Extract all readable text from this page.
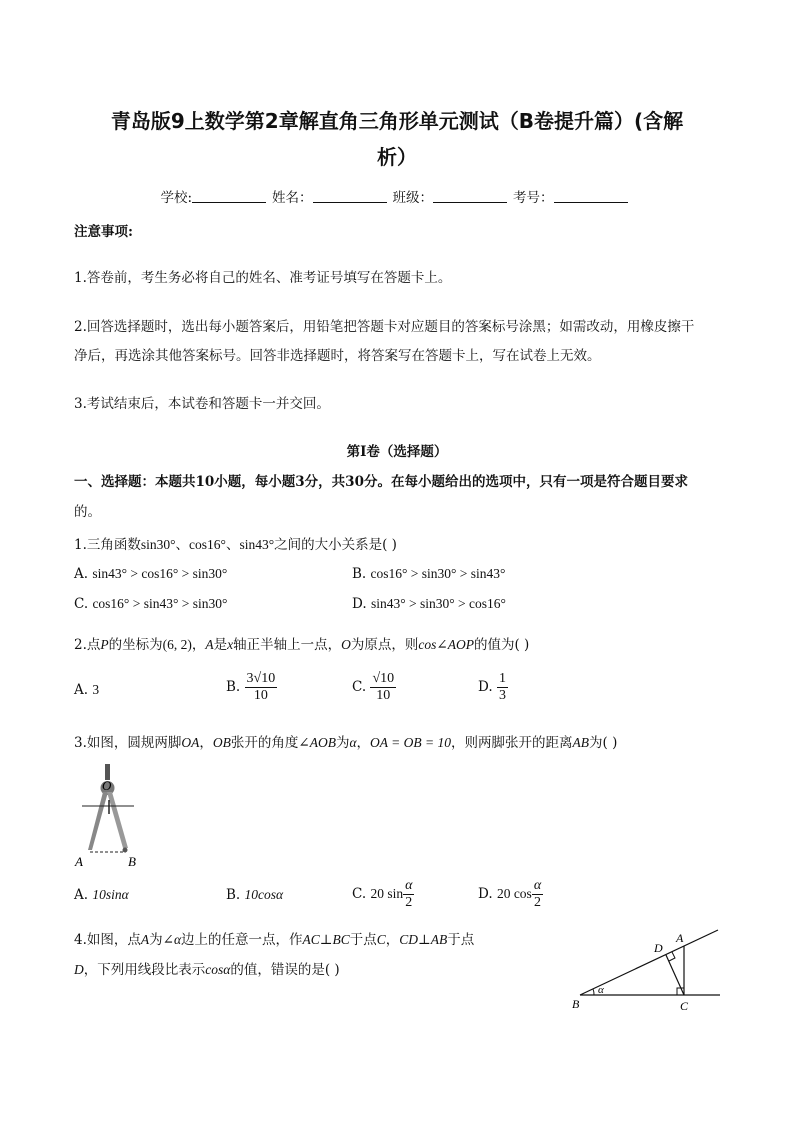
青岛版9上数学第2章解直角三角形单元测试（B卷提升篇）(含解
析）
学校:	姓名：	班级：	考号：
注意事项:
1.答卷前，考生务必将自己的姓名、准考证号填写在答题卡上。
2.回答选择题时，选出每小题答案后，用铅笔把答题卡对应题目的答案标号涂黑；如需改动，用橡皮擦干
净后，再选涂其他答案标号。回答非选择题时，将答案写在答题卡上，写在试卷上无效。
3.考试结束后，本试卷和答题卡一并交回。
第I卷（选择题）
一、选择题：本题共10小题，每小题3分，共30分。在每小题给出的选项中，只有一项是符合题目要求
的。
1.三角函数sin30°、cos16°、sin43°之间的大小关系是( )
A. sin43° > cos16° > sin30°	B. cos16° > sin30° > sin43°
C. cos16° > sin43° > sin30°	D. sin43° > sin30° > cos16°
2.点P的坐标为(6, 2)，A是x轴正半轴上一点，O为原点，则cos∠AOP的值为( )
A. 3	B. $\frac{3√10}{10}$	C. $\frac{√10}{10}$	D. $\frac{1}{3}$
3.如图，圆规两脚OA，OB张开的角度∠AOB为α，OA = OB = 10，则两脚张开的距离AB为( )
O
A	B
A. 10sinα	B. 10cosα	C. 20 $\sin \frac{\alpha}{2}$	D. 20 $\cos \frac{\alpha}{2}$
4.如图，点A为∠α边上的任意一点，作AC⊥BC于点C，CD⊥AB于点
D，下列用线段比表示cosα的值，错误的是( )
A
D
B	C
α
